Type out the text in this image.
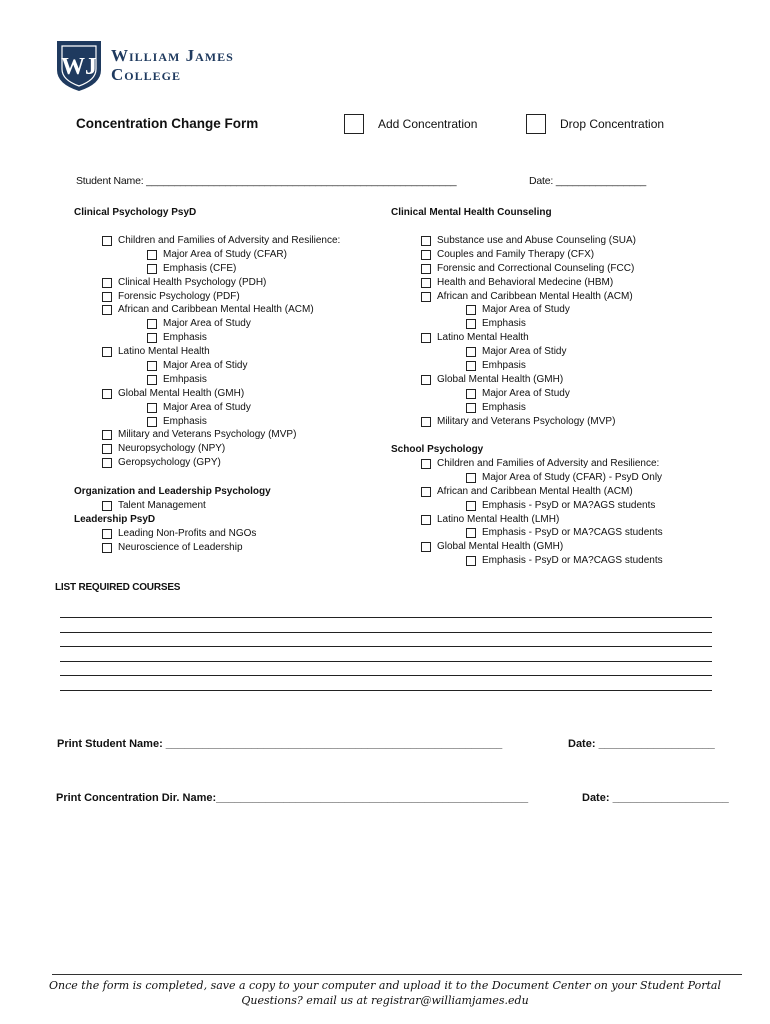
WJ William James
College
Concentration Change Form	Add Concentration	Drop Concentration
Student Name: _______________________________________________________	Date: ________________
Clinical Psychology PsyD
Children and Families of Adversity and Resilience:
Major Area of Study (CFAR)
Emphasis (CFE)
Clinical Health Psychology (PDH)
Forensic Psychology (PDF)
African and Caribbean Mental Health (ACM)
Major Area of Study
Emphasis
Latino Mental Health
Major Area of Stidy
Emhpasis
Global Mental Health (GMH)
Major Area of Study
Emphasis
Military and Veterans Psychology (MVP)
Neuropsychology (NPY)
Geropsychology (GPY)
Organization and Leadership Psychology
Talent Management
Leadership PsyD
Leading Non-Profits and NGOs
Neuroscience of Leadership
Clinical Mental Health Counseling
Substance use and Abuse Counseling (SUA)
Couples and Family Therapy (CFX)
Forensic and Correctional Counseling (FCC)
Health and Behavioral Medecine (HBM)
African and Caribbean Mental Health (ACM)
Major Area of Study
Emphasis
Latino Mental Health
Major Area of Stidy
Emhpasis
Global Mental Health (GMH)
Major Area of Study
Emphasis
Military and Veterans Psychology (MVP)
School Psychology
Children and Families of Adversity and Resilience:
Major Area of Study (CFAR) - PsyD Only
African and Caribbean Mental Health (ACM)
Emphasis - PsyD or MA?AGS students
Latino Mental Health (LMH)
Emphasis - PsyD or MA?CAGS students
Global Mental Health (GMH)
Emphasis - PsyD or MA?CAGS students
LIST REQUIRED COURSES
Print Student Name: _______________________________________________________	Date: ___________________
Print Concentration Dir. Name:___________________________________________________	Date: ___________________
Once the form is completed, save a copy to your computer and upload it to the Document Center on your Student Portal
Questions? email us at registrar@williamjames.edu
